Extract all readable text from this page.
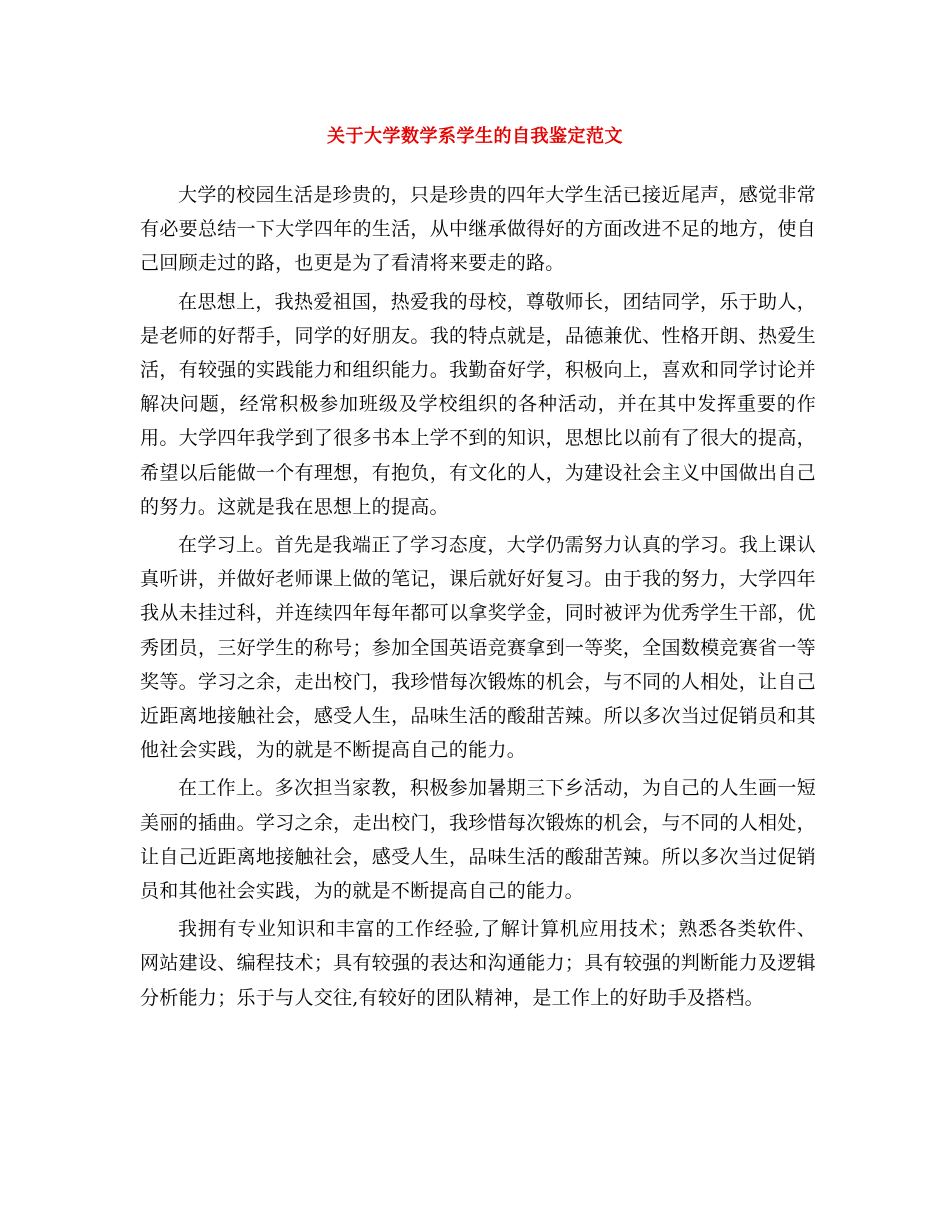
关于大学数学系学生的自我鉴定范文

大学的校园生活是珍贵的，只是珍贵的四年大学生活已接近尾声，感觉非常有必要总结一下大学四年的生活，从中继承做得好的方面改进不足的地方，使自己回顾走过的路，也更是为了看清将来要走的路。

在思想上，我热爱祖国，热爱我的母校，尊敬师长，团结同学，乐于助人，是老师的好帮手，同学的好朋友。我的特点就是，品德兼优、性格开朗、热爱生活，有较强的实践能力和组织能力。我勤奋好学，积极向上，喜欢和同学讨论并解决问题，经常积极参加班级及学校组织的各种活动，并在其中发挥重要的作用。大学四年我学到了很多书本上学不到的知识，思想比以前有了很大的提高，希望以后能做一个有理想，有抱负，有文化的人，为建设社会主义中国做出自己的努力。这就是我在思想上的提高。

在学习上。首先是我端正了学习态度，大学仍需努力认真的学习。我上课认真听讲，并做好老师课上做的笔记，课后就好好复习。由于我的努力，大学四年我从未挂过科，并连续四年每年都可以拿奖学金，同时被评为优秀学生干部，优秀团员，三好学生的称号；参加全国英语竞赛拿到一等奖，全国数模竞赛省一等奖等。学习之余，走出校门，我珍惜每次锻炼的机会，与不同的人相处，让自己近距离地接触社会，感受人生，品味生活的酸甜苦辣。所以多次当过促销员和其他社会实践，为的就是不断提高自己的能力。

在工作上。多次担当家教，积极参加暑期三下乡活动，为自己的人生画一短美丽的插曲。学习之余，走出校门，我珍惜每次锻炼的机会，与不同的人相处，让自己近距离地接触社会，感受人生，品味生活的酸甜苦辣。所以多次当过促销员和其他社会实践，为的就是不断提高自己的能力。

我拥有专业知识和丰富的工作经验,了解计算机应用技术；熟悉各类软件、网站建设、编程技术；具有较强的表达和沟通能力；具有较强的判断能力及逻辑分析能力；乐于与人交往,有较好的团队精神，是工作上的好助手及搭档。
